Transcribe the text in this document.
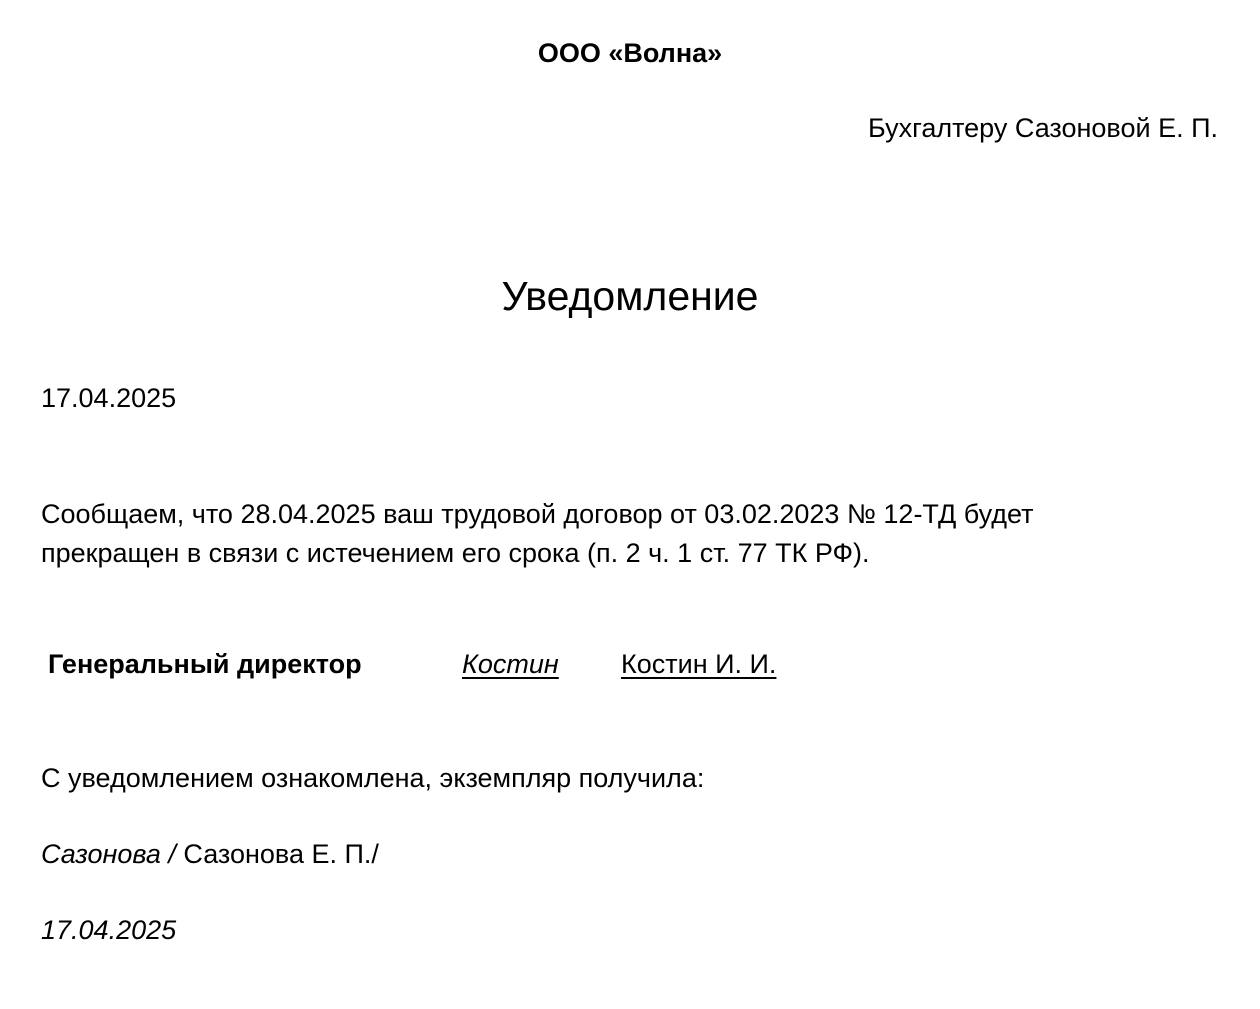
ООО «Волна»
Бухгалтеру Сазоновой Е. П.
Уведомление
17.04.2025

Сообщаем, что 28.04.2025 ваш трудовой договор от 03.02.2023 № 12-ТД будет

прекращен в связи с истечением его срока (п. 2 ч. 1 ст. 77 ТК РФ).

Генеральный директор	Костин Костин И. И.
С уведомлением ознакомлена, экземпляр получила:
Сазонова / Сазонова Е. П./
17.04.2025
